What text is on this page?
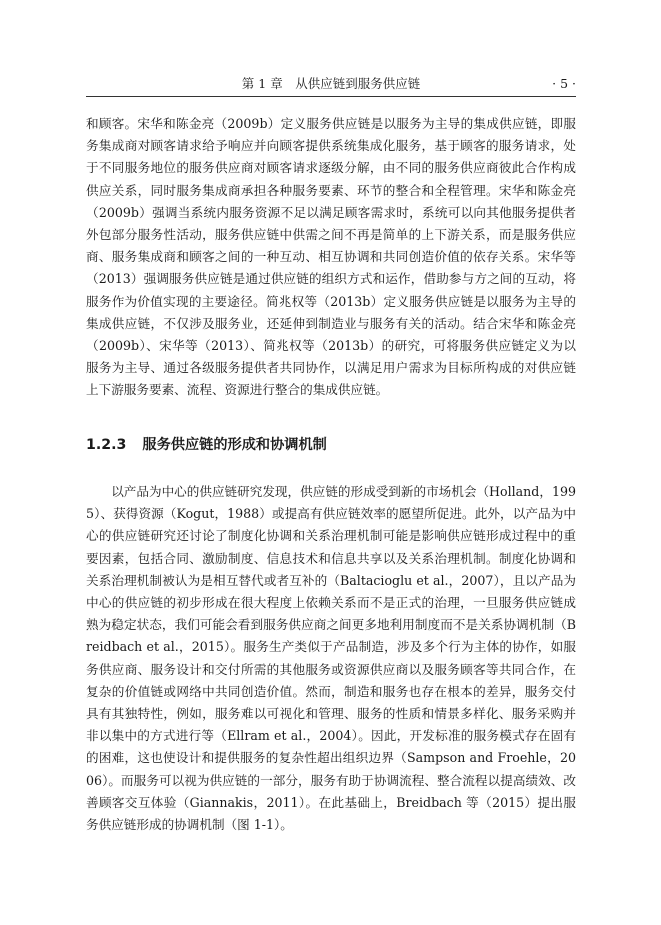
第 1 章　从供应链到服务供应链	· 5 ·

和顾客。宋华和陈金亮（2009b）定义服务供应链是以服务为主导的集成供应链，即服务集成商对顾客请求给予响应并向顾客提供系统集成化服务，基于顾客的服务请求，处于不同服务地位的服务供应商对顾客请求逐级分解，由不同的服务供应商彼此合作构成供应关系，同时服务集成商承担各种服务要素、环节的整合和全程管理。宋华和陈金亮（2009b）强调当系统内服务资源不足以满足顾客需求时，系统可以向其他服务提供者外包部分服务性活动，服务供应链中供需之间不再是简单的上下游关系，而是服务供应商、服务集成商和顾客之间的一种互动、相互协调和共同创造价值的依存关系。宋华等（2013）强调服务供应链是通过供应链的组织方式和运作，借助参与方之间的互动，将服务作为价值实现的主要途径。简兆权等（2013b）定义服务供应链是以服务为主导的集成供应链，不仅涉及服务业，还延伸到制造业与服务有关的活动。结合宋华和陈金亮（2009b）、宋华等（2013）、简兆权等（2013b）的研究，可将服务供应链定义为以服务为主导、通过各级服务提供者共同协作，以满足用户需求为目标所构成的对供应链上下游服务要素、流程、资源进行整合的集成供应链。

1.2.3 服务供应链的形成和协调机制

以产品为中心的供应链研究发现，供应链的形成受到新的市场机会（Holland，1995）、获得资源（Kogut，1988）或提高有供应链效率的愿望所促进。此外，以产品为中心的供应链研究还讨论了制度化协调和关系治理机制可能是影响供应链形成过程中的重要因素，包括合同、激励制度、信息技术和信息共享以及关系治理机制。制度化协调和关系治理机制被认为是相互替代或者互补的（Baltacioglu et al.，2007），且以产品为中心的供应链的初步形成在很大程度上依赖关系而不是正式的治理，一旦服务供应链成熟为稳定状态，我们可能会看到服务供应商之间更多地利用制度而不是关系协调机制（Breidbach et al.，2015）。服务生产类似于产品制造，涉及多个行为主体的协作，如服务供应商、服务设计和交付所需的其他服务或资源供应商以及服务顾客等共同合作，在复杂的价值链或网络中共同创造价值。然而，制造和服务也存在根本的差异，服务交付具有其独特性，例如，服务难以可视化和管理、服务的性质和情景多样化、服务采购并非以集中的方式进行等（Ellram et al.，2004）。因此，开发标准的服务模式存在固有的困难，这也使设计和提供服务的复杂性超出组织边界（Sampson and Froehle，2006）。而服务可以视为供应链的一部分，服务有助于协调流程、整合流程以提高绩效、改善顾客交互体验（Giannakis，2011）。在此基础上，Breidbach 等（2015）提出服务供应链形成的协调机制（图 1-1）。
